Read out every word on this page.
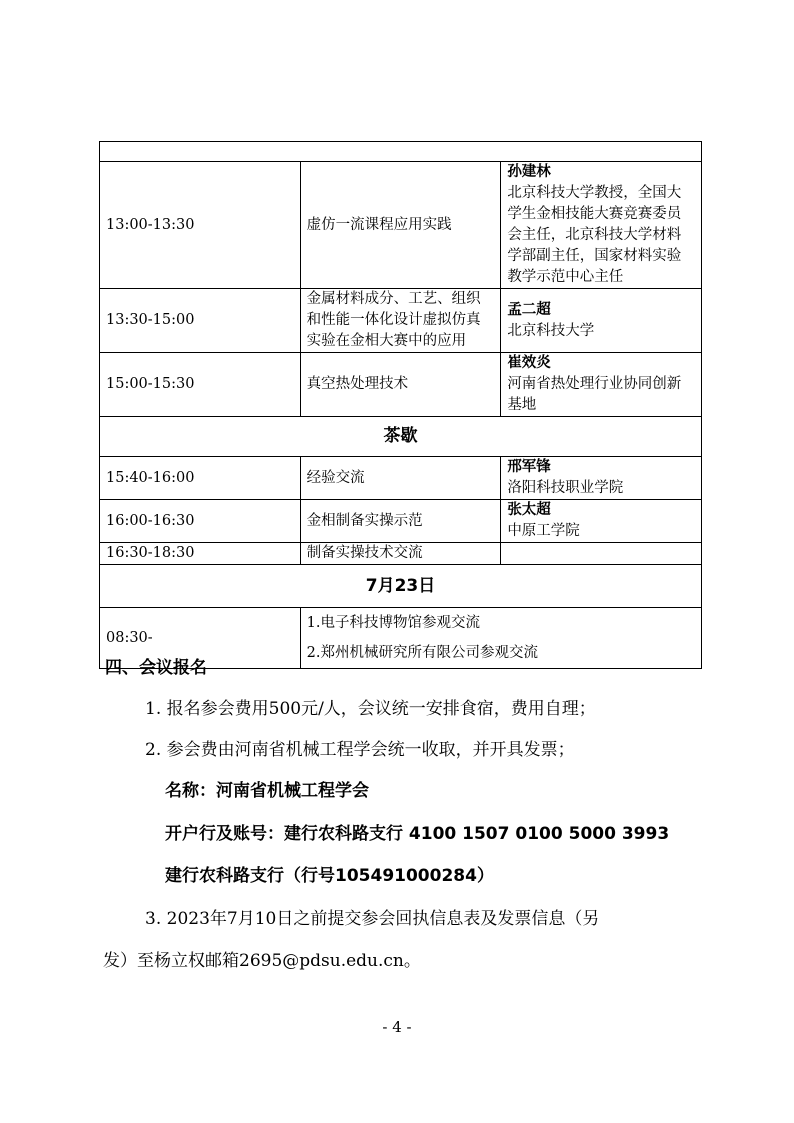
13:00-13:30	虚仿一流课程应用实践	孙建林
北京科技大学教授，全国大学生金相技能大赛竞赛委员会主任，北京科技大学材料学部副主任，国家材料实验教学示范中心主任

13:30-15:00	金属材料成分、工艺、组织和性能一体化设计虚拟仿真实验在金相大赛中的应用	孟二超
北京科技大学

15:00-15:30	真空热处理技术	崔效炎
河南省热处理行业协同创新基地

茶歇		
15:40-16:00	经验交流	邢军锋
洛阳科技职业学院

16:00-16:30	金相制备实操示范	张太超
中原工学院

16:30-18:30	制备实操技术交流	
7月23日		
08:30-	1.电子科技博物馆参观交流
2.郑州机械研究所有限公司参观交流	
四、会议报名
1. 报名参会费用500元/人，会议统一安排食宿，费用自理；
2. 参会费由河南省机械工程学会统一收取，并开具发票；
名称：河南省机械工程学会
开户行及账号：建行农科路支行 4100 1507 0100 5000 3993
建行农科路支行（行号105491000284）
3. 2023年7月10日之前提交参会回执信息表及发票信息（另
发）至杨立权邮箱2695@pdsu.edu.cn。
- 4 -
